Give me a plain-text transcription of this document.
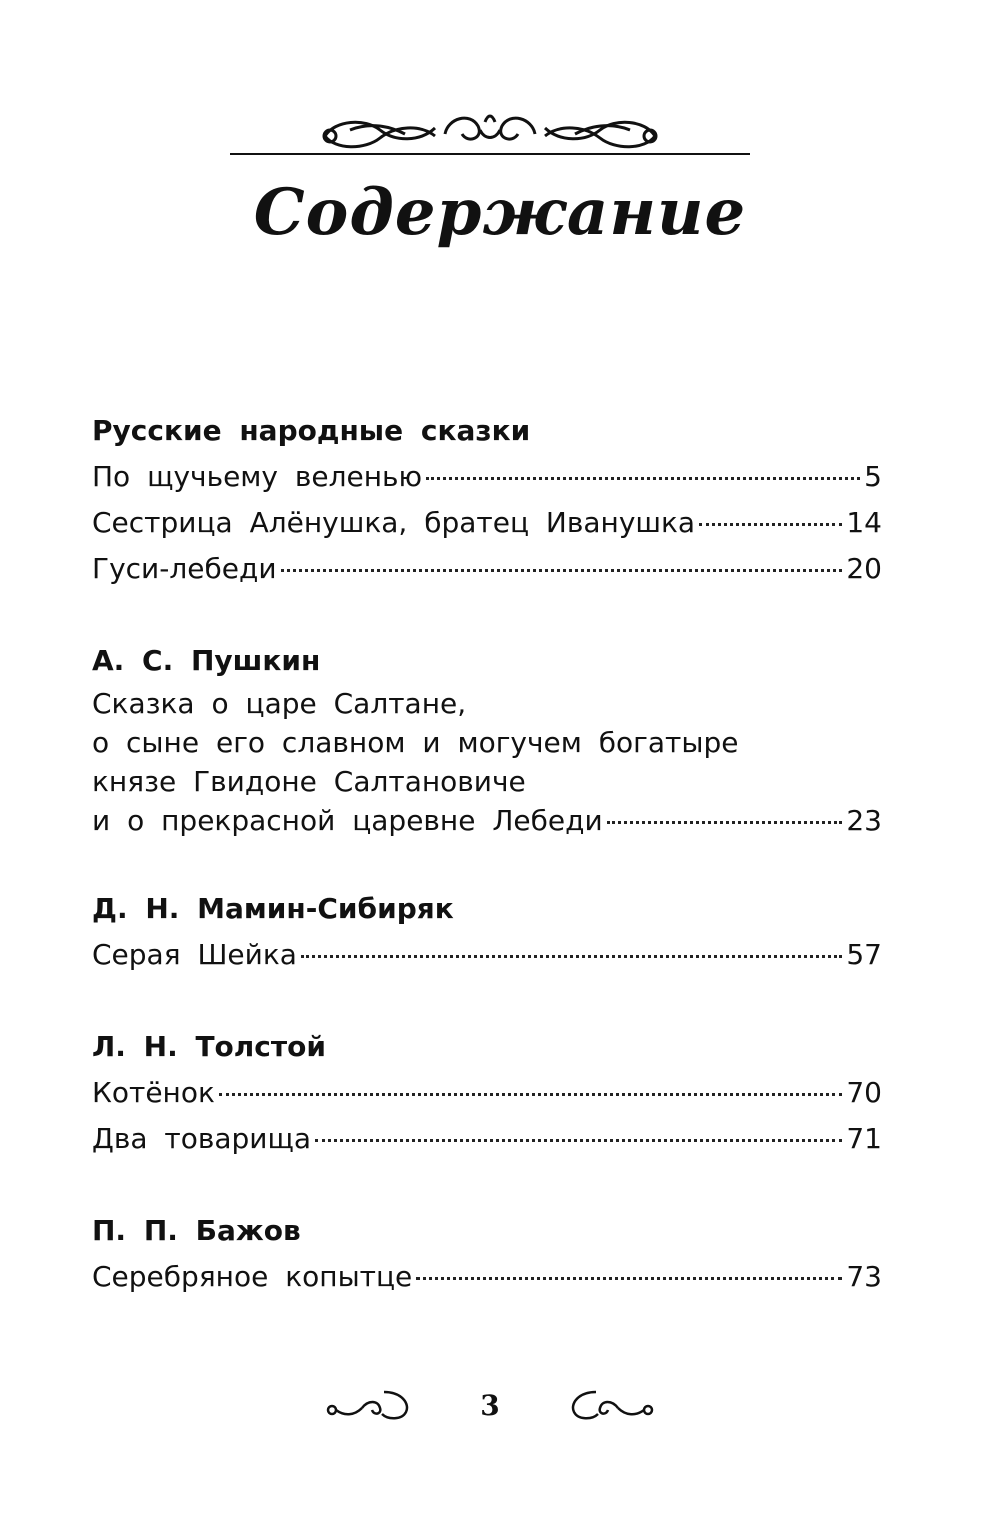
Содержание
Русские народные сказки
По щучьему веленью	5
Сестрица Алёнушка, братец Иванушка	14
Гуси-лебеди	20
А. С. Пушкин
Сказка о царе Салтане,
о сыне его славном и могучем богатыре
князе Гвидоне Салтановиче
и о прекрасной царевне Лебеди	23
Д. Н. Мамин-Сибиряк
Серая Шейка	57
Л. Н. Толстой
Котёнок	70
Два товарища	71
П. П. Бажов
Серебряное копытце	73
3
